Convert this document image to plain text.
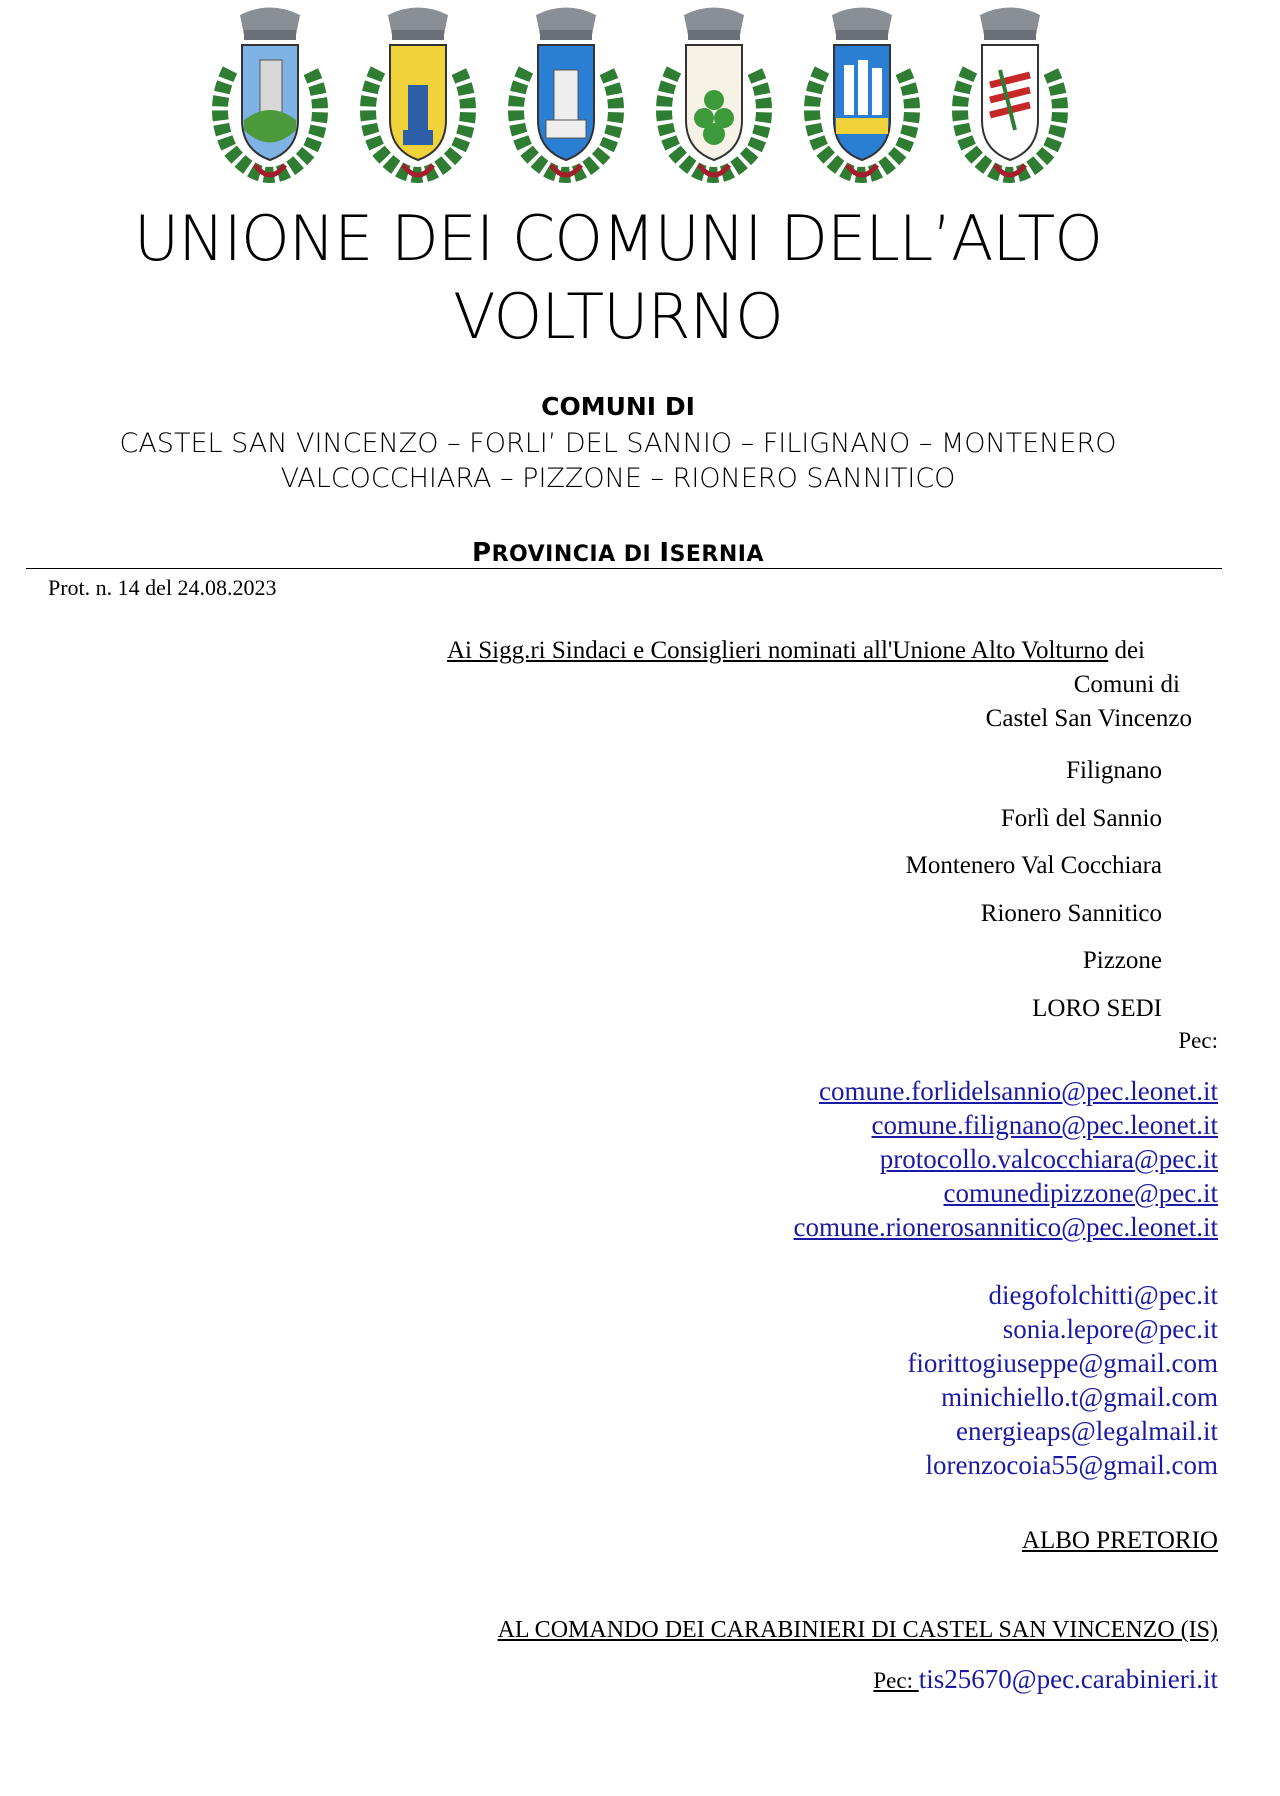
UNIONE DEI COMUNI DELL’ALTO
VOLTURNO
COMUNI DI
CASTEL SAN VINCENZO – FORLI’ DEL SANNIO – FILIGNANO – MONTENERO
VALCOCCHIARA – PIZZONE – RIONERO SANNITICO
PROVINCIA DI ISERNIA
Prot. n. 14 del 24.08.2023
Ai Sigg.ri Sindaci e Consiglieri nominati all'Unione Alto Volturno dei
Comuni di
Castel San Vincenzo
Filignano
Forlì del Sannio
Montenero Val Cocchiara
Rionero Sannitico
Pizzone
LORO SEDI
Pec:
comune.forlidelsannio@pec.leonet.it
comune.filignano@pec.leonet.it
protocollo.valcocchiara@pec.it
comunedipizzone@pec.it
comune.rionerosannitico@pec.leonet.it
diegofolchitti@pec.it
sonia.lepore@pec.it
fiorittogiuseppe@gmail.com
minichiello.t@gmail.com
energieaps@legalmail.it
lorenzocoia55@gmail.com
ALBO PRETORIO
AL COMANDO DEI CARABINIERI DI CASTEL SAN VINCENZO (IS)
Pec: tis25670@pec.carabinieri.it
